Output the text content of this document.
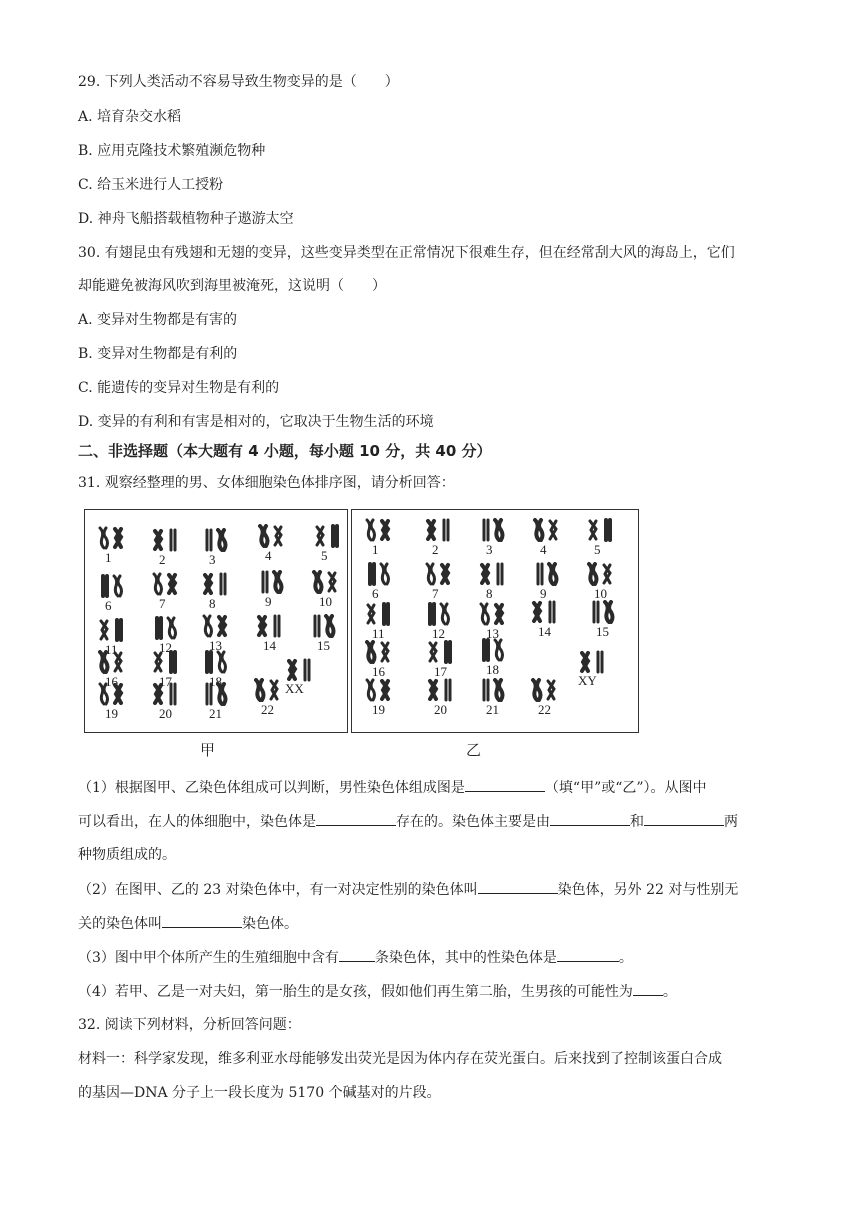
29. 下列人类活动不容易导致生物变异的是（　　）
A. 培育杂交水稻
B. 应用克隆技术繁殖濒危物种
C. 给玉米进行人工授粉
D. 神舟飞船搭载植物种子遨游太空
30. 有翅昆虫有残翅和无翅的变异，这些变异类型在正常情况下很难生存，但在经常刮大风的海岛上，它们
却能避免被海风吹到海里被淹死，这说明（　　）
A. 变异对生物都是有害的
B. 变异对生物都是有利的
C. 能遗传的变异对生物是有利的
D. 变异的有利和有害是相对的，它取决于生物生活的环境
二、非选择题（本大题有 4 小题，每小题 10 分，共 40 分）
31. 观察经整理的男、女体细胞染色体排序图，请分析回答：
1	2	3	4	5
6	7	8	9	10
11	12	13	14	15
16	17	18
19	20	21	22
XX
1	2	3	4	5
6	7	8	9	10
11	12	13	14	15
16	17	18
19	20	21	22
XY
甲	乙
（1）根据图甲、乙染色体组成可以判断，男性染色体组成图是	（填“甲”或“乙”）。从图中
可以看出，在人的体细胞中，染色体是	存在的。染色体主要是由	和	两
种物质组成的。
（2）在图甲、乙的 23 对染色体中，有一对决定性别的染色体叫	染色体，另外 22 对与性别无
关的染色体叫	染色体。
（3）图中甲个体所产生的生殖细胞中含有	条染色体，其中的性染色体是	。
（4）若甲、乙是一对夫妇，第一胎生的是女孩，假如他们再生第二胎，生男孩的可能性为 。
32. 阅读下列材料，分析回答问题：
材料一：科学家发现，维多利亚水母能够发出荧光是因为体内存在荧光蛋白。后来找到了控制该蛋白合成
的基因—DNA 分子上一段长度为 5170 个碱基对的片段。
